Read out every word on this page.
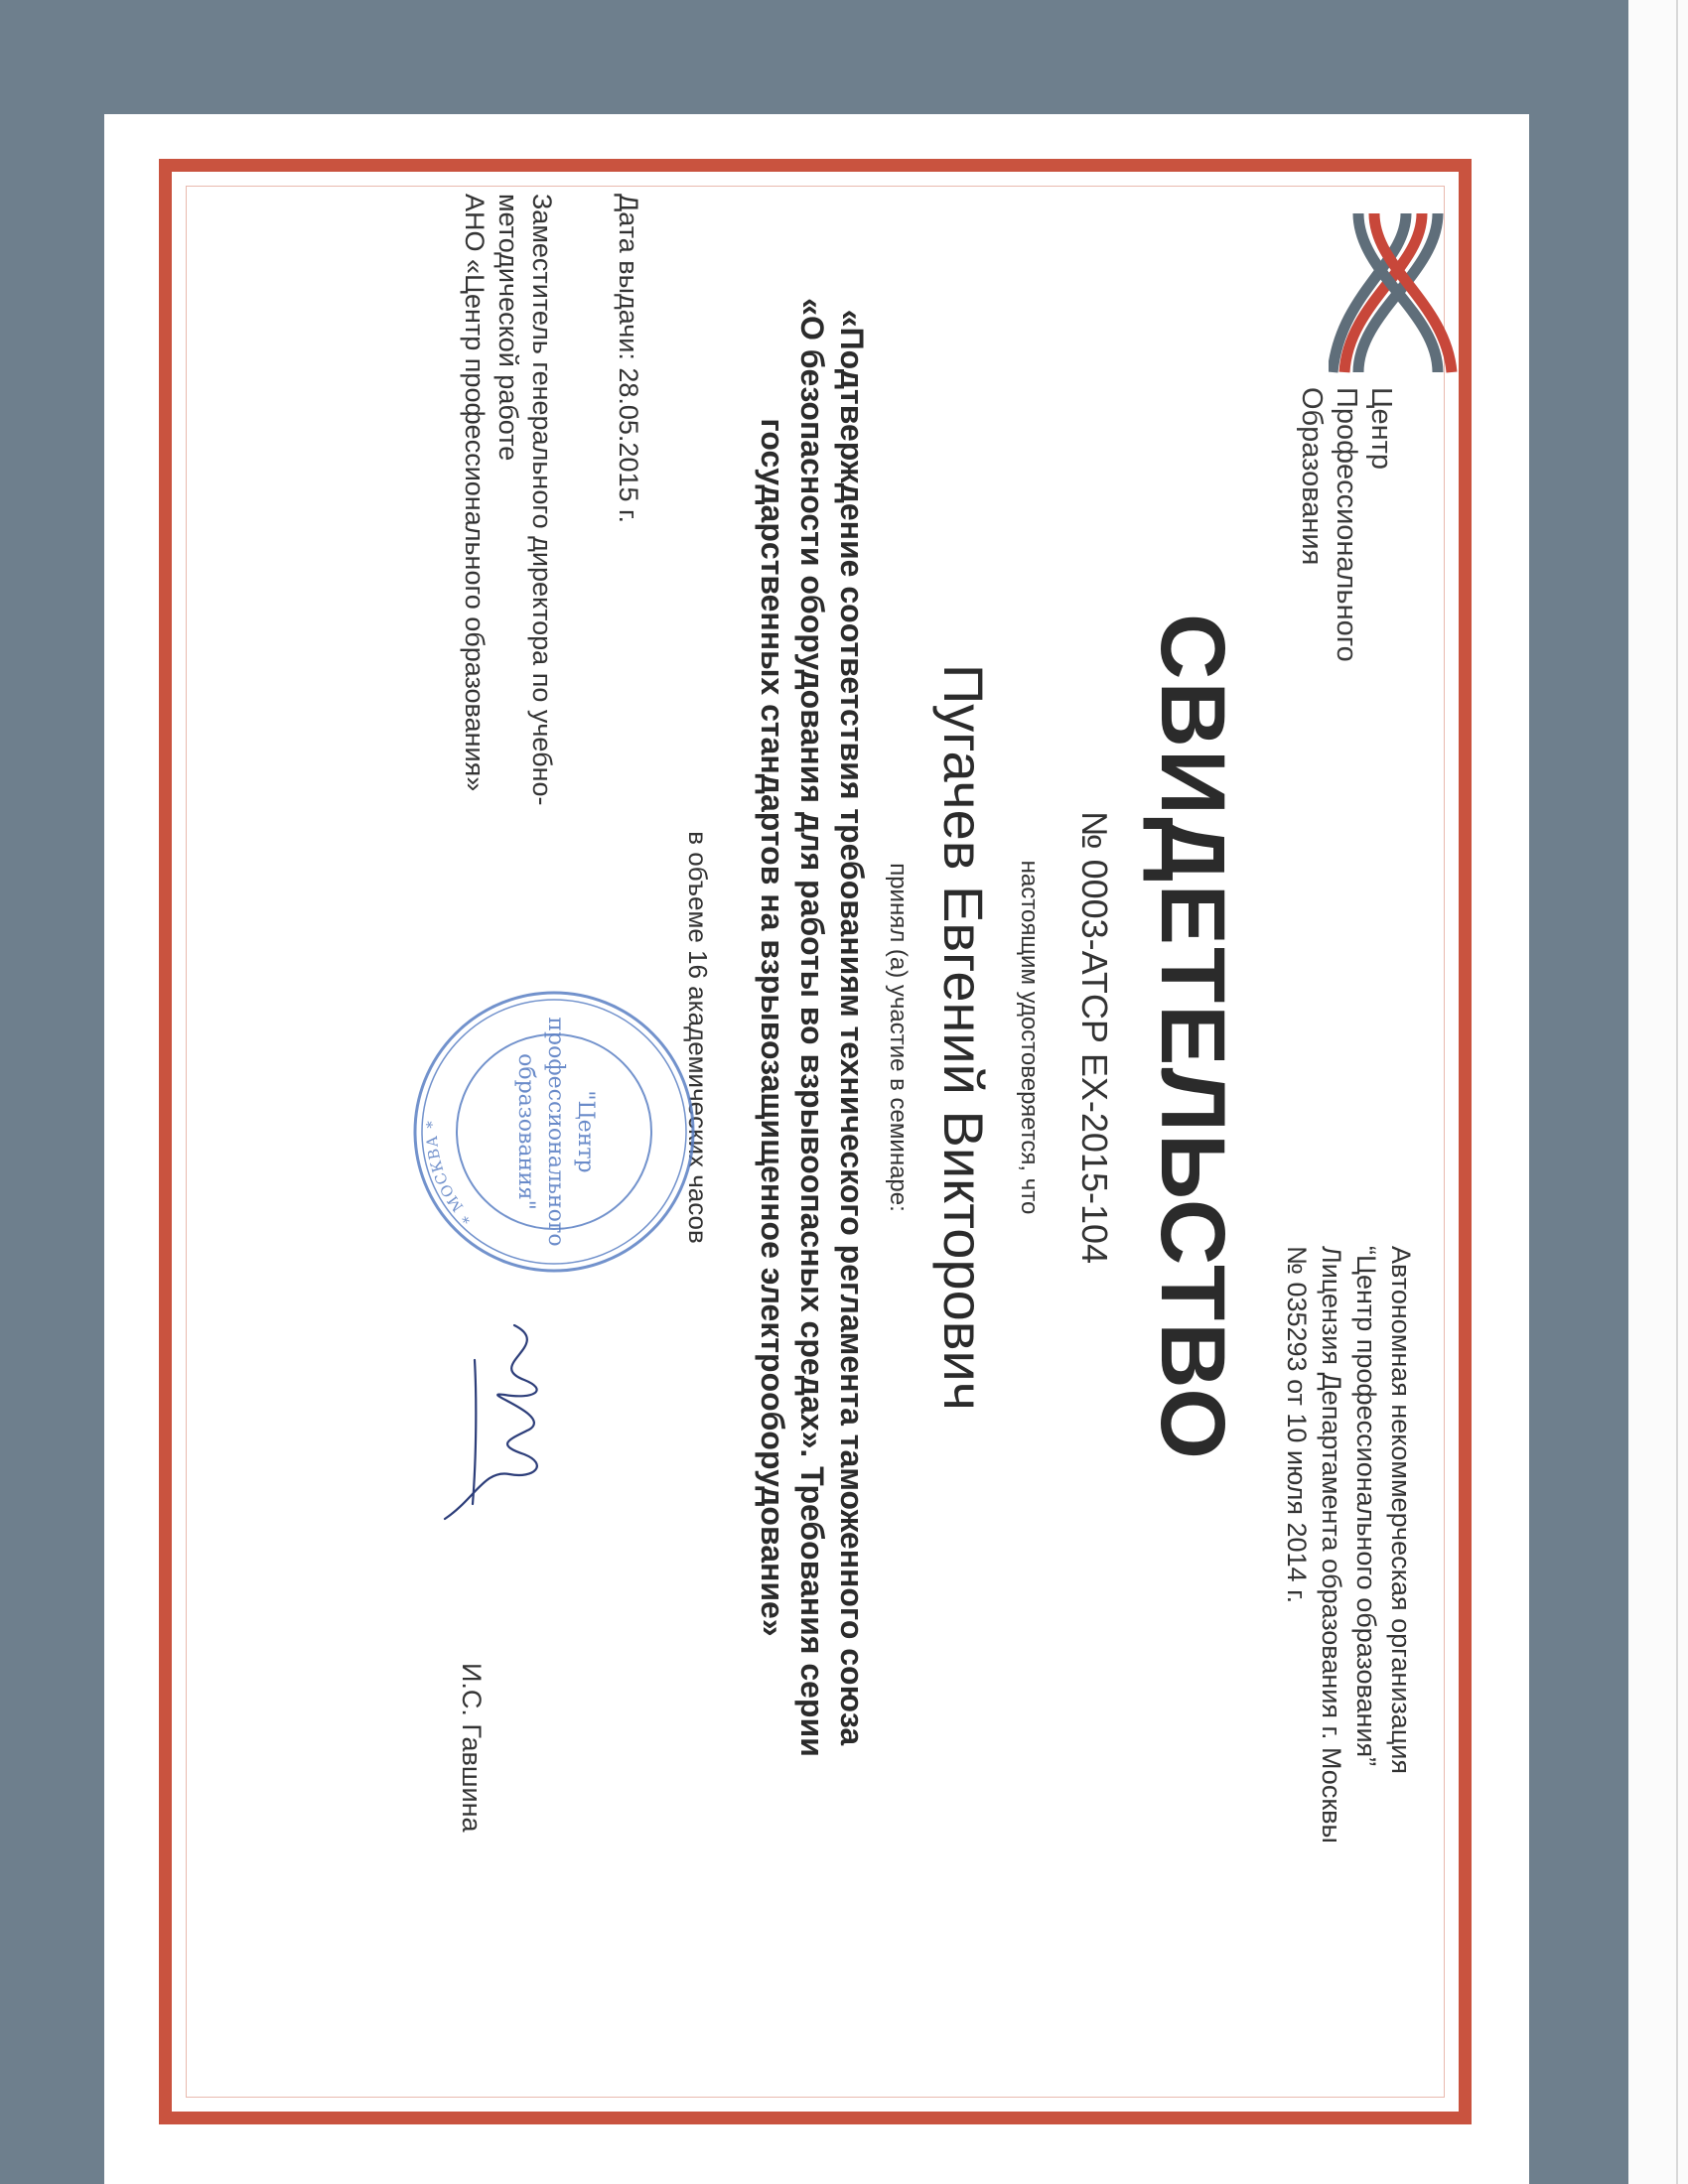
Центр
Профессионального
Образования
Автономная некоммерческая организация
“Центр профессионального образования”
Лицензия Департамента образования г. Москвы
№ 035293 от 10 июля 2014 г.
СВИДЕТЕЛЬСТВО
№ 0003-АТСР EX-2015-104
настоящим удостоверяется, что
Пугачев Евгений Викторович
принял (а) участие в семинаре:
«Подтверждение соответствия требованиям технического регламента таможенного союза
«О безопасности оборудования для работы во взрывоопасных средах». Требования серии
государственных стандартов на взрывозащищенное электрооборудование»
в объеме 16 академических часов
Дата выдачи: 28.05.2015 г.
Заместитель генерального директора по учебно-
методической работе
АНО «Центр профессионального образования»
И.С. Гавшина
* МОСКВА *	"Центр
профессионального
образования"
